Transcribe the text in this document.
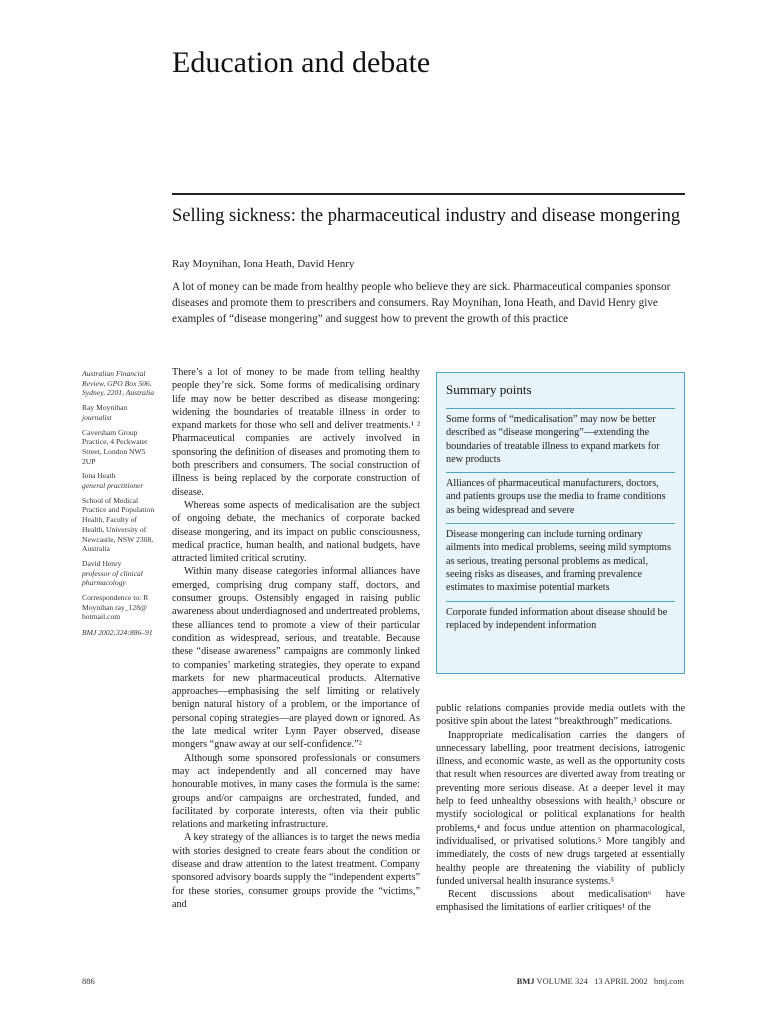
Education and debate
Selling sickness: the pharmaceutical industry and disease mongering
Ray Moynihan, Iona Heath, David Henry

A lot of money can be made from healthy people who believe they are sick. Pharmaceutical companies sponsor diseases and promote them to prescribers and consumers. Ray Moynihan, Iona Heath, and David Henry give examples of “disease mongering” and suggest how to prevent the growth of this practice

Australian Financial Review, GPO Box 506, Sydney, 2201, Australia

Ray Moynihan
journalist

Caversham Group Practice, 4 Peckwater Street, London NW5 2UP

Iona Heath
general practitioner

School of Medical Practice and Population Health, Faculty of Health, University of Newcastle, NSW 2308, Australia

David Henry
professor of clinical pharmacology

Correspondence to: R Moynihan ray_128@ hotmail.com

BMJ 2002;324:886–91

There’s a lot of money to be made from telling healthy people they’re sick. Some forms of medicalising ordinary life may now be better described as disease mongering: widening the boundaries of treatable illness in order to expand markets for those who sell and deliver treatments.¹ ² Pharmaceutical companies are actively involved in sponsoring the definition of diseases and promoting them to both prescribers and consumers. The social construction of illness is being replaced by the corporate construction of disease.

Whereas some aspects of medicalisation are the subject of ongoing debate, the mechanics of corporate backed disease mongering, and its impact on public consciousness, medical practice, human health, and national budgets, have attracted limited critical scrutiny.

Within many disease categories informal alliances have emerged, comprising drug company staff, doctors, and consumer groups. Ostensibly engaged in raising public awareness about underdiagnosed and undertreated problems, these alliances tend to promote a view of their particular condition as widespread, serious, and treatable. Because these “disease awareness” campaigns are commonly linked to companies’ marketing strategies, they operate to expand markets for new pharmaceutical products. Alternative approaches—emphasising the self limiting or relatively benign natural history of a problem, or the importance of personal coping strategies—are played down or ignored. As the late medical writer Lynn Payer observed, disease mongers “gnaw away at our self-confidence.”²

Although some sponsored professionals or consumers may act independently and all concerned may have honourable motives, in many cases the formula is the same: groups and/or campaigns are orchestrated, funded, and facilitated by corporate interests, often via their public relations and marketing infrastructure.

A key strategy of the alliances is to target the news media with stories designed to create fears about the condition or disease and draw attention to the latest treatment. Company sponsored advisory boards supply the “independent experts” for these stories, consumer groups provide the “victims,” and

Summary points
Some forms of “medicalisation” may now be better described as “disease mongering”—extending the boundaries of treatable illness to expand markets for new products
Alliances of pharmaceutical manufacturers, doctors, and patients groups use the media to frame conditions as being widespread and severe
Disease mongering can include turning ordinary ailments into medical problems, seeing mild symptoms as serious, treating personal problems as medical, seeing risks as diseases, and framing prevalence estimates to maximise potential markets
Corporate funded information about disease should be replaced by independent information

public relations companies provide media outlets with the positive spin about the latest “breakthrough” medications.

Inappropriate medicalisation carries the dangers of unnecessary labelling, poor treatment decisions, iatrogenic illness, and economic waste, as well as the opportunity costs that result when resources are diverted away from treating or preventing more serious disease. At a deeper level it may help to feed unhealthy obsessions with health,³ obscure or mystify sociological or political explanations for health problems,⁴ and focus undue attention on pharmacological, individualised, or privatised solutions.⁵ More tangibly and immediately, the costs of new drugs targeted at essentially healthy people are threatening the viability of publicly funded universal health insurance systems.⁵

Recent discussions about medicalisation⁶ have emphasised the limitations of earlier critiques¹ of the

886	BMJ VOLUME 324 13 APRIL 2002 bmj.com
